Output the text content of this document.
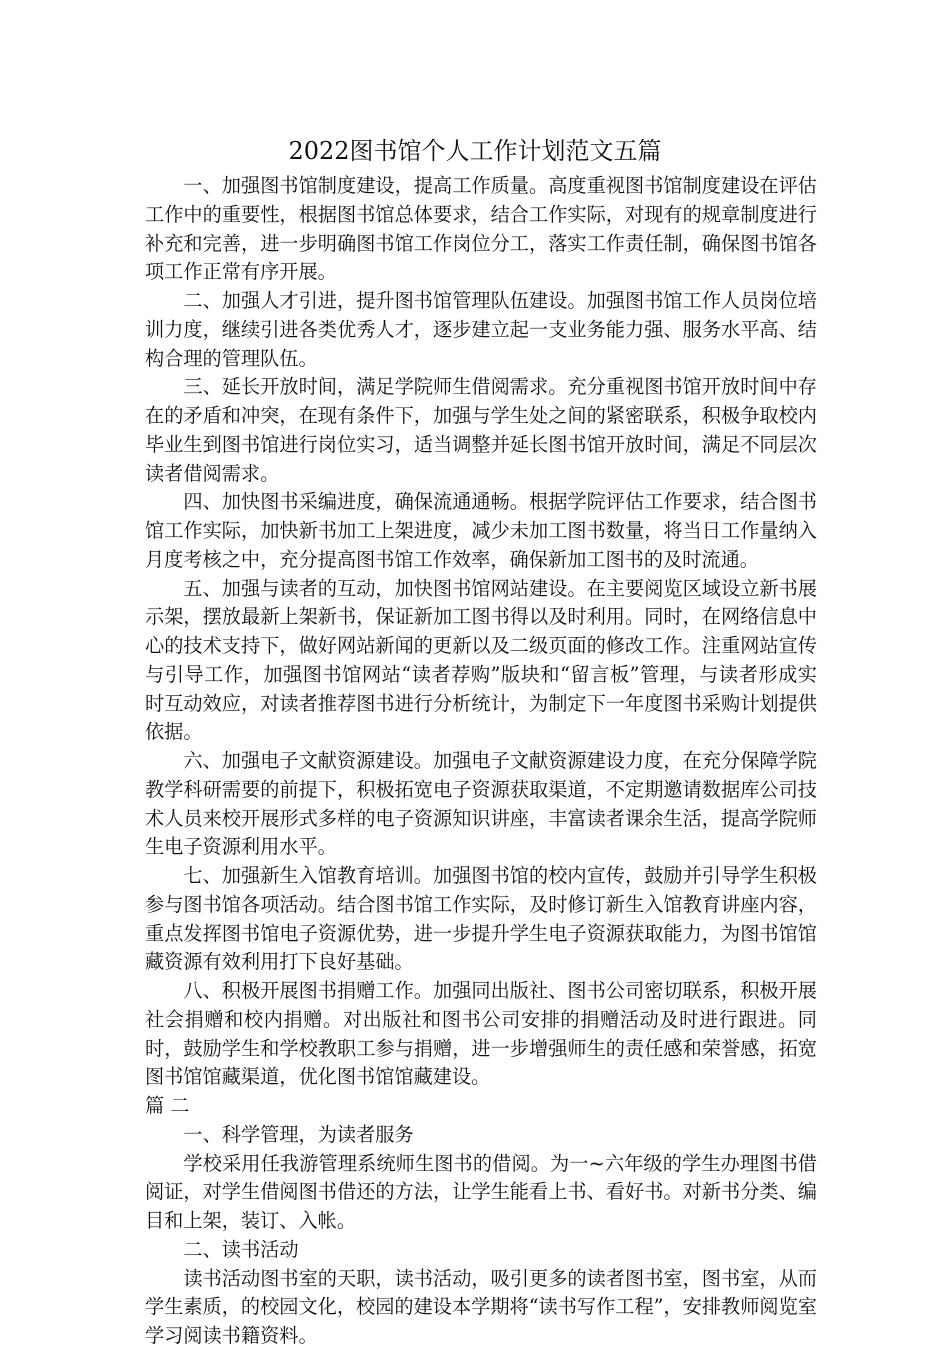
2022图书馆个人工作计划范文五篇

一、加强图书馆制度建设，提高工作质量。高度重视图书馆制度建设在评估工作中的重要性，根据图书馆总体要求，结合工作实际，对现有的规章制度进行补充和完善，进一步明确图书馆工作岗位分工，落实工作责任制，确保图书馆各项工作正常有序开展。

二、加强人才引进，提升图书馆管理队伍建设。加强图书馆工作人员岗位培训力度，继续引进各类优秀人才，逐步建立起一支业务能力强、服务水平高、结构合理的管理队伍。

三、延长开放时间，满足学院师生借阅需求。充分重视图书馆开放时间中存在的矛盾和冲突，在现有条件下，加强与学生处之间的紧密联系，积极争取校内毕业生到图书馆进行岗位实习，适当调整并延长图书馆开放时间，满足不同层次读者借阅需求。

四、加快图书采编进度，确保流通通畅。根据学院评估工作要求，结合图书馆工作实际，加快新书加工上架进度，减少未加工图书数量，将当日工作量纳入月度考核之中，充分提高图书馆工作效率，确保新加工图书的及时流通。

五、加强与读者的互动，加快图书馆网站建设。在主要阅览区域设立新书展示架，摆放最新上架新书，保证新加工图书得以及时利用。同时，在网络信息中心的技术支持下，做好网站新闻的更新以及二级页面的修改工作。注重网站宣传与引导工作，加强图书馆网站“读者荐购”版块和“留言板”管理，与读者形成实时互动效应，对读者推荐图书进行分析统计，为制定下一年度图书采购计划提供依据。

六、加强电子文献资源建设。加强电子文献资源建设力度，在充分保障学院教学科研需要的前提下，积极拓宽电子资源获取渠道，不定期邀请数据库公司技术人员来校开展形式多样的电子资源知识讲座，丰富读者课余生活，提高学院师生电子资源利用水平。

七、加强新生入馆教育培训。加强图书馆的校内宣传，鼓励并引导学生积极参与图书馆各项活动。结合图书馆工作实际，及时修订新生入馆教育讲座内容，重点发挥图书馆电子资源优势，进一步提升学生电子资源获取能力，为图书馆馆藏资源有效利用打下良好基础。

八、积极开展图书捐赠工作。加强同出版社、图书公司密切联系，积极开展社会捐赠和校内捐赠。对出版社和图书公司安排的捐赠活动及时进行跟进。同时，鼓励学生和学校教职工参与捐赠，进一步增强师生的责任感和荣誉感，拓宽图书馆馆藏渠道，优化图书馆馆藏建设。

篇 二

一、科学管理，为读者服务

学校采用任我游管理系统师生图书的借阅。为一~六年级的学生办理图书借阅证，对学生借阅图书借还的方法，让学生能看上书、看好书。对新书分类、编目和上架，装订、入帐。

二、读书活动

读书活动图书室的天职，读书活动，吸引更多的读者图书室，图书室，从而学生素质，的校园文化，校园的建设本学期将“读书写作工程”，安排教师阅览室学习阅读书籍资料。
